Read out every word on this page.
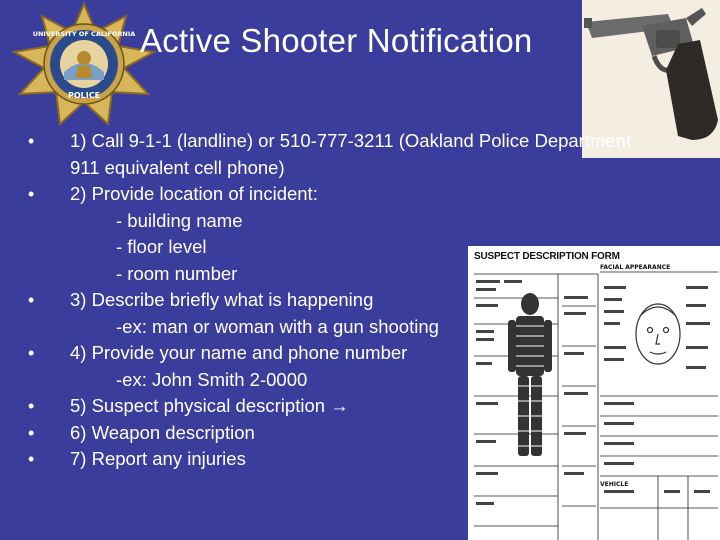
UNIVERSITY OF CALIFORNIA
POLICE
Active Shooter Notification
• 1) Call 9-1-1 (landline) or 510-777-3211 (Oakland Police Department
911 equivalent cell phone)
• 2) Provide location of incident:
- building name
- floor level
- room number
• 3) Describe briefly what is happening
-ex: man or woman with a gun shooting
• 4) Provide your name and phone number
-ex: John Smith 2-0000
• 5) Suspect physical description →
• 6) Weapon description
• 7) Report any injuries
SUSPECT DESCRIPTION FORM
FACIAL APPEARANCE
VEHICLE
